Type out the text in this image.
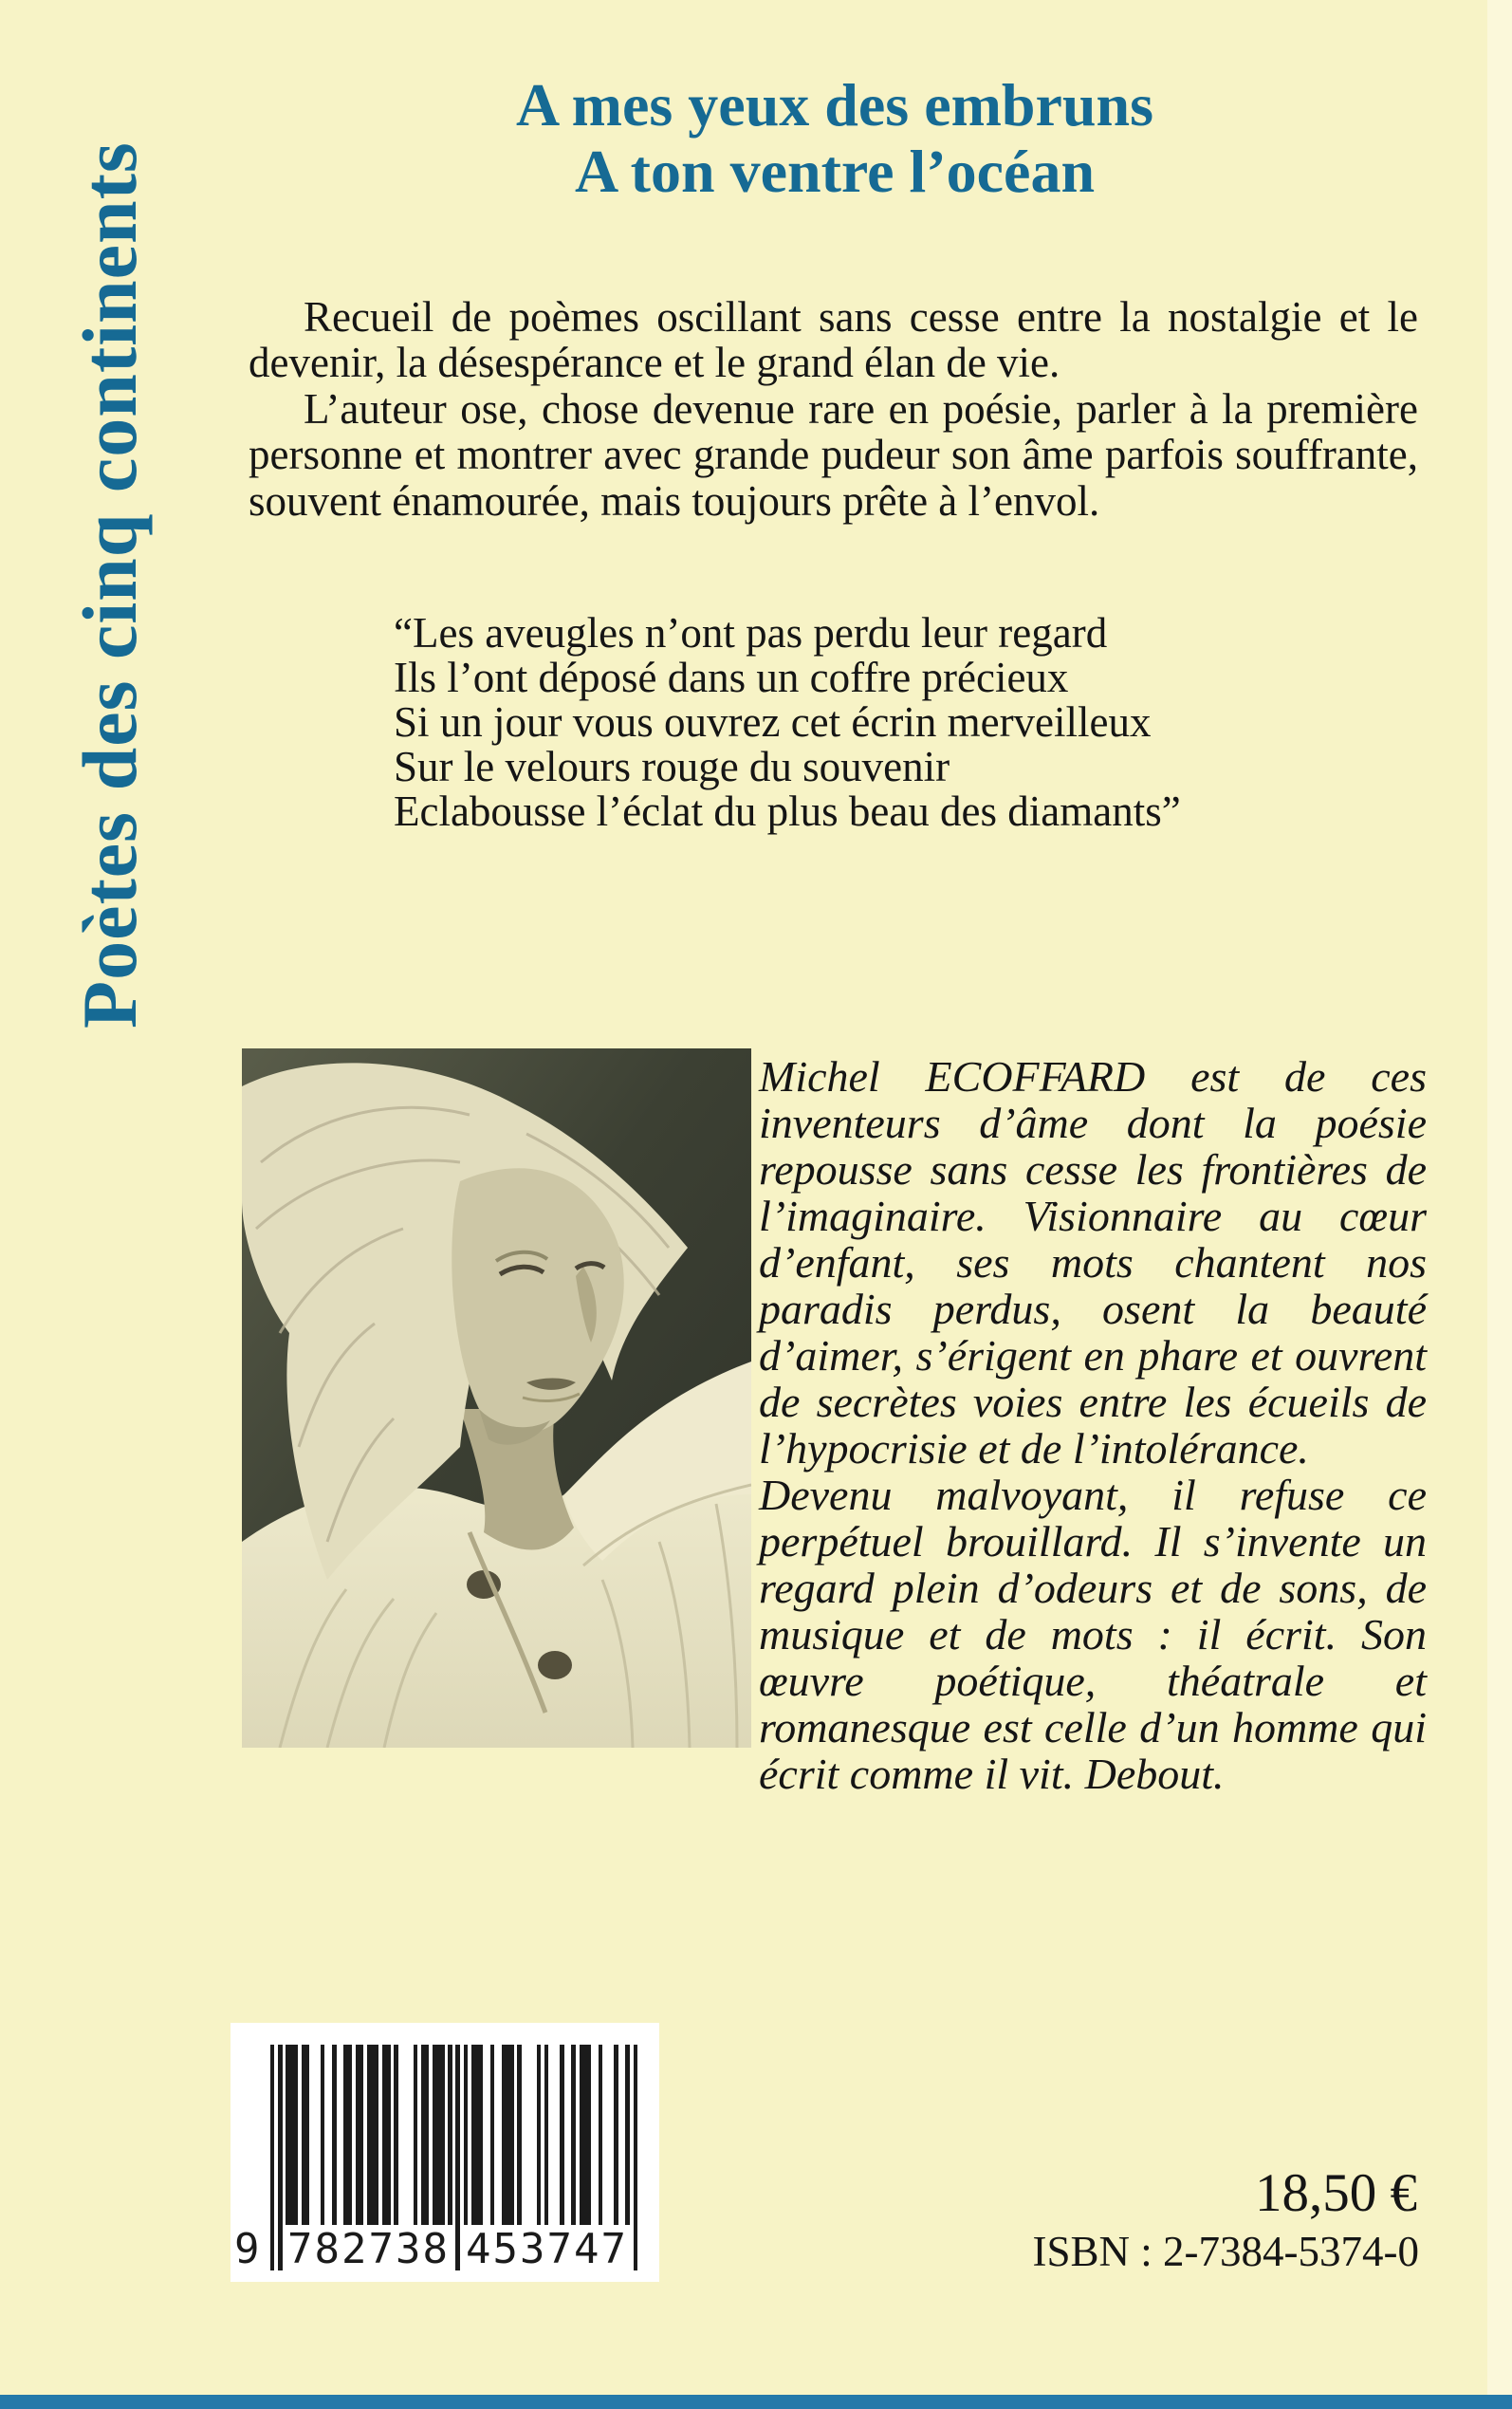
Poètes des cinq continents
A mes yeux des embruns
A ton ventre l’océan

Recueil de poèmes oscillant sans cesse entre la nostalgie et le devenir, la désespérance et le grand élan de vie.

L’auteur ose, chose devenue rare en poésie, parler à la première personne et montrer avec grande pudeur son âme parfois souffrante, souvent énamourée, mais toujours prête à l’envol.

“Les aveugles n’ont pas perdu leur regard
Ils l’ont déposé dans un coffre précieux
Si un jour vous ouvrez cet écrin merveilleux
Sur le velours rouge du souvenir
Eclabousse l’éclat du plus beau des diamants”

Michel ECOFFARD est de ces inventeurs d’âme dont la poésie repousse sans cesse les frontières de l’imaginaire. Visionnaire au cœur d’enfant, ses mots chantent nos paradis perdus, osent la beauté d’aimer, s’érigent en phare et ouvrent de secrètes voies entre les écueils de l’hypocrisie et de l’intolérance.

Devenu malvoyant, il refuse ce perpétuel brouillard. Il s’invente un regard plein d’odeurs et de sons, de musique et de mots : il écrit. Son œuvre poétique, théatrale et romanesque est celle d’un homme qui écrit comme il vit. Debout.

9 782738 453747
18,50 €
ISBN : 2-7384-5374-0
